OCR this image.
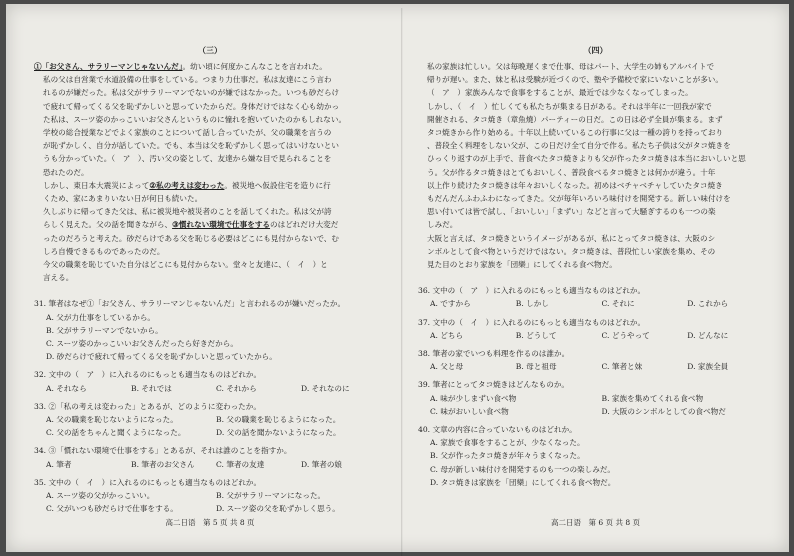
（三）

①「お父さん、サラリーマンじゃないんだ」。幼い頃に何度かこんなことを言われた。

私の父は自営業で水道設備の仕事をしている。つまり力仕事だ。私は友達にこう言わ

れるのが嫌だった。私は父がサラリーマンでないのが嫌ではなかった。いつも砂だらけ

で疲れて帰ってくる父を恥ずかしいと思っていたからだ。身体だけではなく心も幼かっ

た私は、スーツ姿のかっこいいお父さんというものに憧れを抱いていたのかもしれない。

学校の総合授業などでよく家族のことについて話し合っていたが、父の職業を言うの

が恥ずかしく、自分が話していた。でも、本当は父を恥ずかしく思ってはいけないとい

うも分かっていた。（　ア　）、汚い父の姿として、友達から嫌な目で見られることを

恐れたのだ。

しかし、東日本大震災によって②私の考えは変わった。被災地へ仮設住宅を造りに行

くため、家にあまりいない日が何日も続いた。

久しぶりに帰ってきた父は、私に被災地や被災者のことを話してくれた。私は父が誇

らしく見えた。父の話を聞きながら、③慣れない環境で仕事をするのはどれだけ大変だ

ったのだろうと考えた。砂だらけである父を恥じる必要はどこにも見付からないで、む

しろ自慢できるものであったのだ。

今父の職業を恥じていた自分はどこにも見付からない。堂々と友達に、（　イ　）と

言える。

31. 筆者はなぜ①「お父さん、サラリーマンじゃないんだ」と言われるのが嫌いだったか。

A. 父が力仕事をしているから。
B. 父がサラリーマンでないから。
C. スーツ姿のかっこいいお父さんだったら好きだから。
D. 砂だらけで疲れて帰ってくる父を恥ずかしいと思っていたから。

32. 文中の（　ア　）に入れるのにもっとも適当なものはどれか。

A. それなら	B. それでは	C. それから	D. それなのに

33. ②「私の考えは変わった」とあるが、どのように変わったか。

A. 父の職業を恥じないようになった。	B. 父の職業を恥じるようになった。
C. 父の話をちゃんと聞くようになった。	D. 父の話を聞かないようになった。

34. ③「慣れない環境で仕事をする」とあるが、それは誰のことを指すか。

A. 筆者	B. 筆者のお父さん	C. 筆者の友達	D. 筆者の娘

35. 文中の（　イ　）に入れるのにもっとも適当なものはどれか。

A. スーツ姿の父がかっこいい。	B. 父がサラリーマンになった。
C. 父がいつも砂だらけで仕事をする。	D. スーツ姿の父を恥ずかしく思う。
高二日语　第 5 页 共 8 页
（四）

私の家族は忙しい。父は毎晩遅くまで仕事、母はパート、大学生の姉もアルバイトで

帰りが遅い。また、妹と私は受験が近づくので、塾や予備校で家にいないことが多い。

（　ア　）家族みんなで食事をすることが、最近では少なくなってしまった。

しかし、（　イ　）忙しくても私たちが集まる日がある。それは半年に一回我が家で

開催される、タコ焼き（章魚燒）パーティーの日だ。この日は必ず全員が集まる。まず

タコ焼きから作り始める。十年以上続いているこの行事に父は一種の誇りを持っており

、普段全く料理をしない父が、この日だけ全て自分で作る。私たち子供は父がタコ焼きを

ひっくり返すのが上手で、昔食べたタコ焼きよりも父が作ったタコ焼きは本当においしいと思

う。父が作るタコ焼きはとてもおいしく、普段食べるタコ焼きとは何かが違う。十年

以上作り続けたタコ焼きは年々おいしくなった。初めはベチャベチャしていたタコ焼き

もだんだんふわふわになってきた。父が毎年いろいろ味付けを開発する。新しい味付けを

思い付いては皆で試し、「おいしい」「まずい」などと言って大騒ぎするのも一つの楽

しみだ。

大阪と言えば、タコ焼きというイメージがあるが、私にとってタコ焼きは、大阪のシ

ンボルとして食べ物というだけではない。タコ焼きは、普段忙しい家族を集め、その

見た目のとおり家族を「団欒」にしてくれる食べ物だ。

36. 文中の（　ア　）に入れるのにもっとも適当なものはどれか。

A. ですから	B. しかし	C. それに	D. これから

37. 文中の（　イ　）に入れるのにもっとも適当なものはどれか。

A. どちら	B. どうして	C. どうやって	D. どんなに

38. 筆者の家でいつも料理を作るのは誰か。

A. 父と母	B. 母と祖母	C. 筆者と妹	D. 家族全員

39. 筆者にとってタコ焼きはどんなものか。

A. 味が少しまずい食べ物	B. 家族を集めてくれる食べ物
C. 味がおいしい食べ物	D. 大阪のシンボルとしての食べ物だ

40. 文章の内容に合っていないものはどれか。

A. 家族で食事をすることが、少なくなった。
B. 父が作ったタコ焼きが年々うまくなった。
C. 母が新しい味付けを開発するのも一つの楽しみだ。
D. タコ焼きは家族を「団欒」にしてくれる食べ物だ。
高二日语　第 6 页 共 8 页
